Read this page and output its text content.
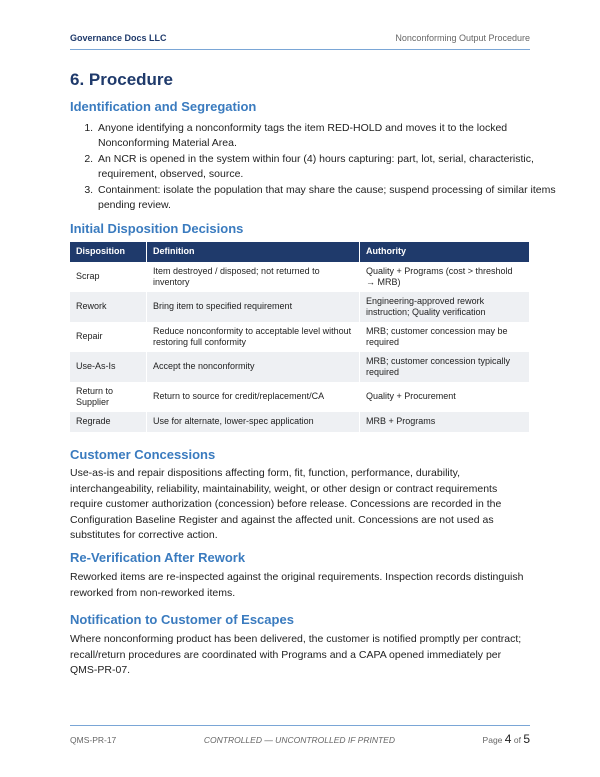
Governance Docs LLC	Nonconforming Output Procedure
6. Procedure
Identification and Segregation
1. Anyone identifying a nonconformity tags the item RED-HOLD and moves it to the locked Nonconforming Material Area.
2. An NCR is opened in the system within four (4) hours capturing: part, lot, serial, characteristic, requirement, observed, source.
3. Containment: isolate the population that may share the cause; suspend processing of similar items pending review.
Initial Disposition Decisions
Disposition	Definition	Authority
Scrap	Item destroyed / disposed; not returned to inventory	Quality + Programs (cost > threshold → MRB)
Rework	Bring item to specified requirement	Engineering-approved rework instruction; Quality verification
Repair	Reduce nonconformity to acceptable level without restoring full conformity	MRB; customer concession may be required
Use-As-Is	Accept the nonconformity	MRB; customer concession typically required
Return to Supplier	Return to source for credit/replacement/CA	Quality + Procurement
Regrade	Use for alternate, lower-spec application	MRB + Programs
Customer Concessions

Use-as-is and repair dispositions affecting form, fit, function, performance, durability, interchangeability, reliability, maintainability, weight, or other design or contract requirements require customer authorization (concession) before release. Concessions are recorded in the Configuration Baseline Register and against the affected unit. Concessions are not used as substitutes for corrective action.

Re-Verification After Rework

Reworked items are re-inspected against the original requirements. Inspection records distinguish reworked from non-reworked items.

Notification to Customer of Escapes

Where nonconforming product has been delivered, the customer is notified promptly per contract; recall/return procedures are coordinated with Programs and a CAPA opened immediately per QMS-PR-07.

QMS-PR-17	CONTROLLED — UNCONTROLLED IF PRINTED	Page 4 of 5
